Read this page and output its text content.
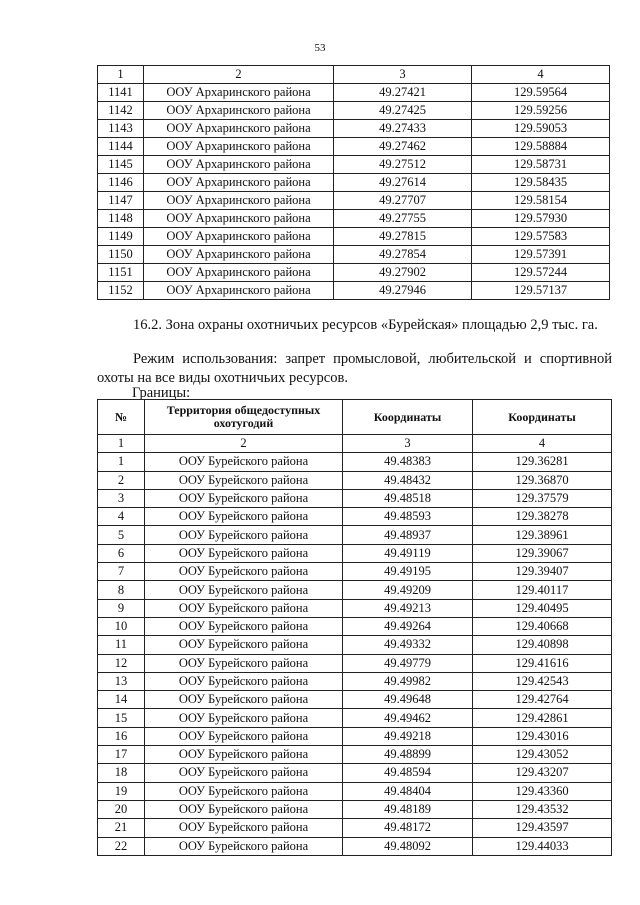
53
1	2	3	4
1141	ООУ Архаринского района	49.27421	129.59564
1142	ООУ Архаринского района	49.27425	129.59256
1143	ООУ Архаринского района	49.27433	129.59053
1144	ООУ Архаринского района	49.27462	129.58884
1145	ООУ Архаринского района	49.27512	129.58731
1146	ООУ Архаринского района	49.27614	129.58435
1147	ООУ Архаринского района	49.27707	129.58154
1148	ООУ Архаринского района	49.27755	129.57930
1149	ООУ Архаринского района	49.27815	129.57583
1150	ООУ Архаринского района	49.27854	129.57391
1151	ООУ Архаринского района	49.27902	129.57244
1152	ООУ Архаринского района	49.27946	129.57137

16.2. Зона охраны охотничьих ресурсов «Бурейская» площадью 2,9 тыс. га.

Режим использования: запрет промысловой, любительской и спортивной охоты на все виды охотничьих ресурсов.

Границы:

№	Территория общедоступных охотугодий	Координаты	Координаты
1	2	3	4
1	ООУ Бурейского района	49.48383	129.36281
2	ООУ Бурейского района	49.48432	129.36870
3	ООУ Бурейского района	49.48518	129.37579
4	ООУ Бурейского района	49.48593	129.38278
5	ООУ Бурейского района	49.48937	129.38961
6	ООУ Бурейского района	49.49119	129.39067
7	ООУ Бурейского района	49.49195	129.39407
8	ООУ Бурейского района	49.49209	129.40117
9	ООУ Бурейского района	49.49213	129.40495
10	ООУ Бурейского района	49.49264	129.40668
11	ООУ Бурейского района	49.49332	129.40898
12	ООУ Бурейского района	49.49779	129.41616
13	ООУ Бурейского района	49.49982	129.42543
14	ООУ Бурейского района	49.49648	129.42764
15	ООУ Бурейского района	49.49462	129.42861
16	ООУ Бурейского района	49.49218	129.43016
17	ООУ Бурейского района	49.48899	129.43052
18	ООУ Бурейского района	49.48594	129.43207
19	ООУ Бурейского района	49.48404	129.43360
20	ООУ Бурейского района	49.48189	129.43532
21	ООУ Бурейского района	49.48172	129.43597
22	ООУ Бурейского района	49.48092	129.44033
